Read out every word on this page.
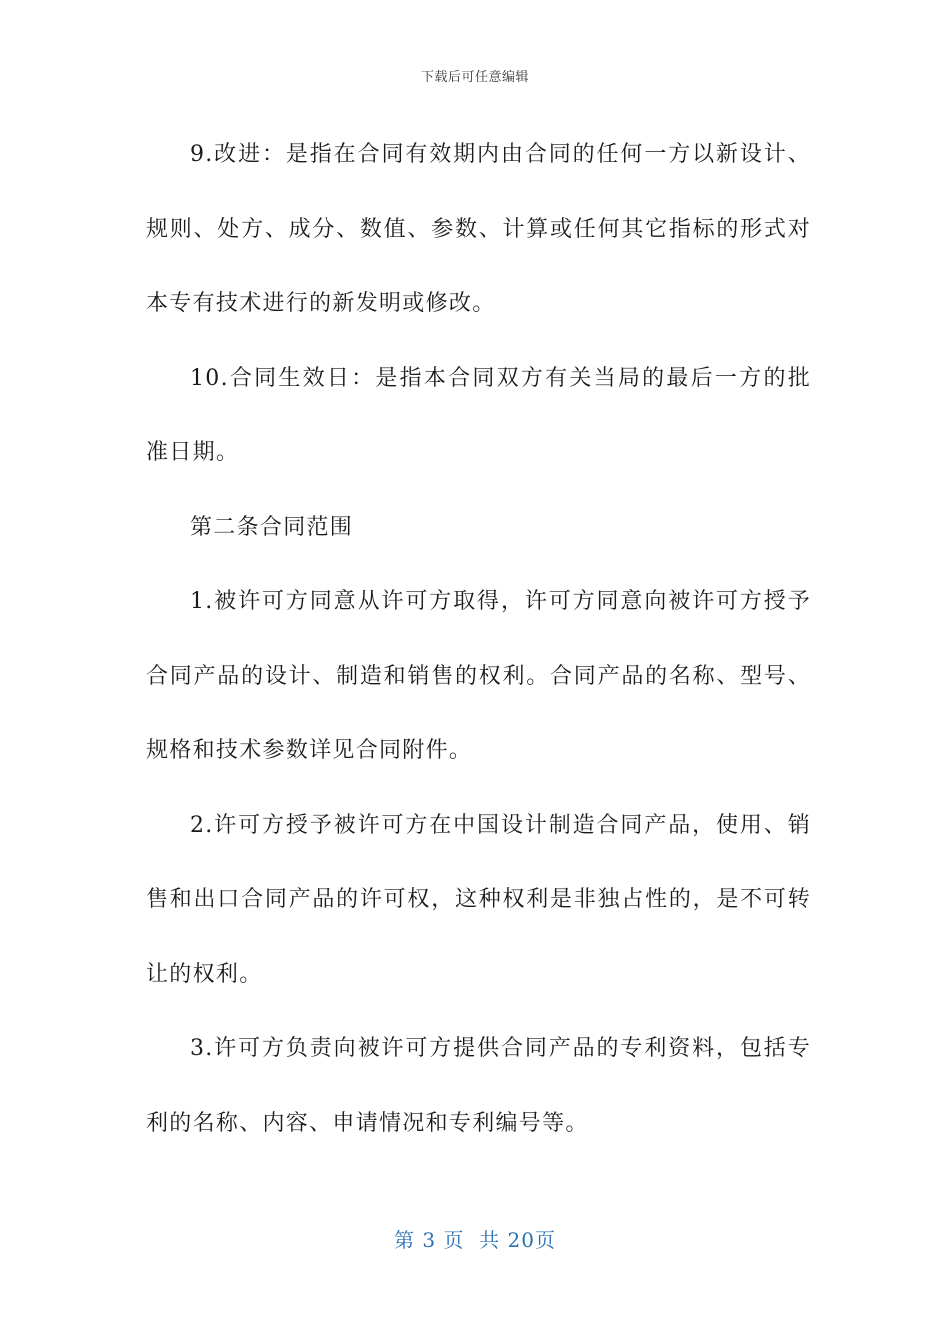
下载后可任意编辑

9.改进：是指在合同有效期内由合同的任何一方以新设计、规则、处方、成分、数值、参数、计算或任何其它指标的形式对本专有技术进行的新发明或修改。

10.合同生效日：是指本合同双方有关当局的最后一方的批准日期。

第二条合同范围

1.被许可方同意从许可方取得，许可方同意向被许可方授予合同产品的设计、制造和销售的权利。合同产品的名称、型号、规格和技术参数详见合同附件。

2.许可方授予被许可方在中国设计制造合同产品，使用、销售和出口合同产品的许可权，这种权利是非独占性的，是不可转让的权利。

3.许可方负责向被许可方提供合同产品的专利资料，包括专利的名称、内容、申请情况和专利编号等。

第 3 页  共 20页
